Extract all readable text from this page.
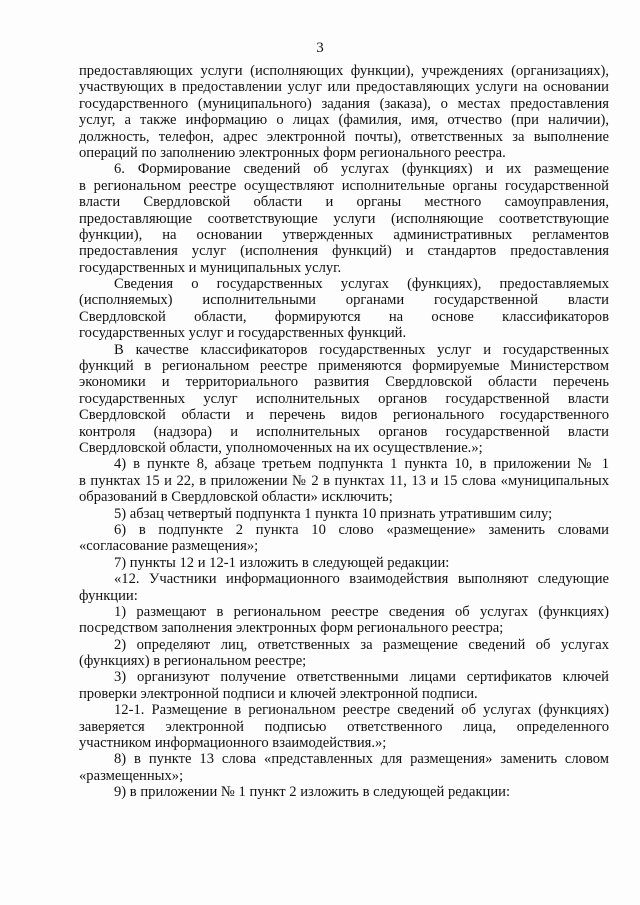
3
предоставляющих услуги (исполняющих функции), учреждениях (организациях),
участвующих в предоставлении услуг или предоставляющих услуги на основании
государственного (муниципального) задания (заказа), о местах предоставления
услуг, а также информацию о лицах (фамилия, имя, отчество (при наличии),
должность, телефон, адрес электронной почты), ответственных за выполнение
операций по заполнению электронных форм регионального реестра.
6. Формирование сведений об услугах (функциях) и их размещение
в региональном реестре осуществляют исполнительные органы государственной
власти Свердловской области и органы местного самоуправления,
предоставляющие соответствующие услуги (исполняющие соответствующие
функции), на основании утвержденных административных регламентов
предоставления услуг (исполнения функций) и стандартов предоставления
государственных и муниципальных услуг.
Сведения о государственных услугах (функциях), предоставляемых
(исполняемых) исполнительными органами государственной власти
Свердловской области, формируются на основе классификаторов
государственных услуг и государственных функций.
В качестве классификаторов государственных услуг и государственных
функций в региональном реестре применяются формируемые Министерством
экономики и территориального развития Свердловской области перечень
государственных услуг исполнительных органов государственной власти
Свердловской области и перечень видов регионального государственного
контроля (надзора) и исполнительных органов государственной власти
Свердловской области, уполномоченных на их осуществление.»;
4) в пункте 8, абзаце третьем подпункта 1 пункта 10, в приложении № 1
в пунктах 15 и 22, в приложении № 2 в пунктах 11, 13 и 15 слова «муниципальных
образований в Свердловской области» исключить;
5) абзац четвертый подпункта 1 пункта 10 признать утратившим силу;
6) в подпункте 2 пункта 10 слово «размещение» заменить словами
«согласование размещения»;
7) пункты 12 и 12-1 изложить в следующей редакции:
«12. Участники информационного взаимодействия выполняют следующие
функции:
1) размещают в региональном реестре сведения об услугах (функциях)
посредством заполнения электронных форм регионального реестра;
2) определяют лиц, ответственных за размещение сведений об услугах
(функциях) в региональном реестре;
3) организуют получение ответственными лицами сертификатов ключей
проверки электронной подписи и ключей электронной подписи.
12-1. Размещение в региональном реестре сведений об услугах (функциях)
заверяется электронной подписью ответственного лица, определенного
участником информационного взаимодействия.»;
8) в пункте 13 слова «представленных для размещения» заменить словом
«размещенных»;
9) в приложении № 1 пункт 2 изложить в следующей редакции:
